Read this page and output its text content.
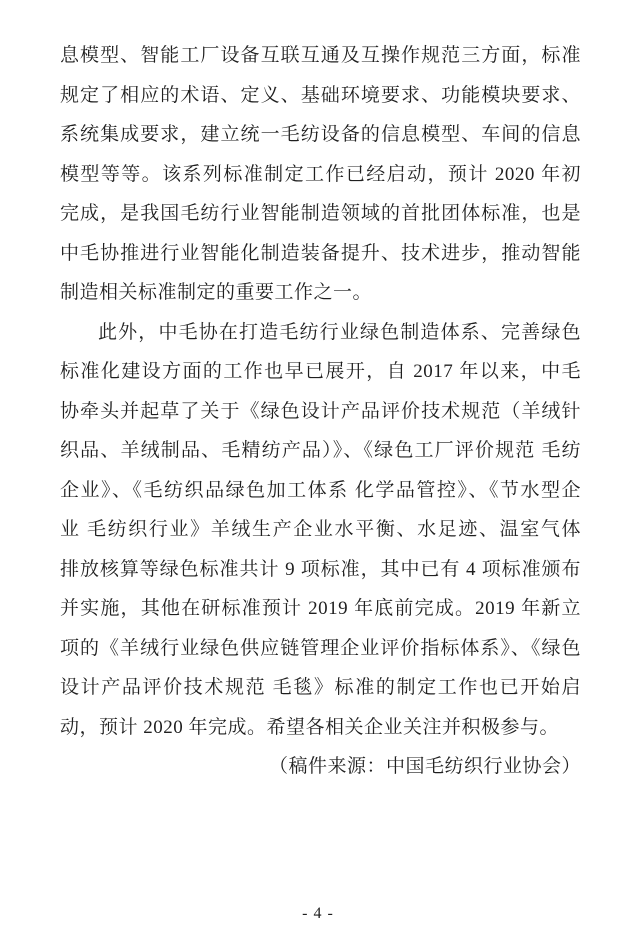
息模型、智能工厂设备互联互通及互操作规范三方面，标准
规定了相应的术语、定义、基础环境要求、功能模块要求、
系统集成要求，建立统一毛纺设备的信息模型、车间的信息
模型等等。该系列标准制定工作已经启动，预计 2020 年初
完成，是我国毛纺行业智能制造领域的首批团体标准，也是
中毛协推进行业智能化制造装备提升、技术进步，推动智能
制造相关标准制定的重要工作之一。
此外，中毛协在打造毛纺行业绿色制造体系、完善绿色
标准化建设方面的工作也早已展开，自 2017 年以来，中毛
协牵头并起草了关于《绿色设计产品评价技术规范（羊绒针
织品、羊绒制品、毛精纺产品）》、《绿色工厂评价规范 毛纺
企业》、《毛纺织品绿色加工体系 化学品管控》、《节水型企
业 毛纺织行业》羊绒生产企业水平衡、水足迹、温室气体
排放核算等绿色标准共计 9 项标准，其中已有 4 项标准颁布
并实施，其他在研标准预计 2019 年底前完成。2019 年新立
项的《羊绒行业绿色供应链管理企业评价指标体系》、《绿色
设计产品评价技术规范 毛毯》标准的制定工作也已开始启
动，预计 2020 年完成。希望各相关企业关注并积极参与。
（稿件来源：中国毛纺织行业协会）
- 4 -
